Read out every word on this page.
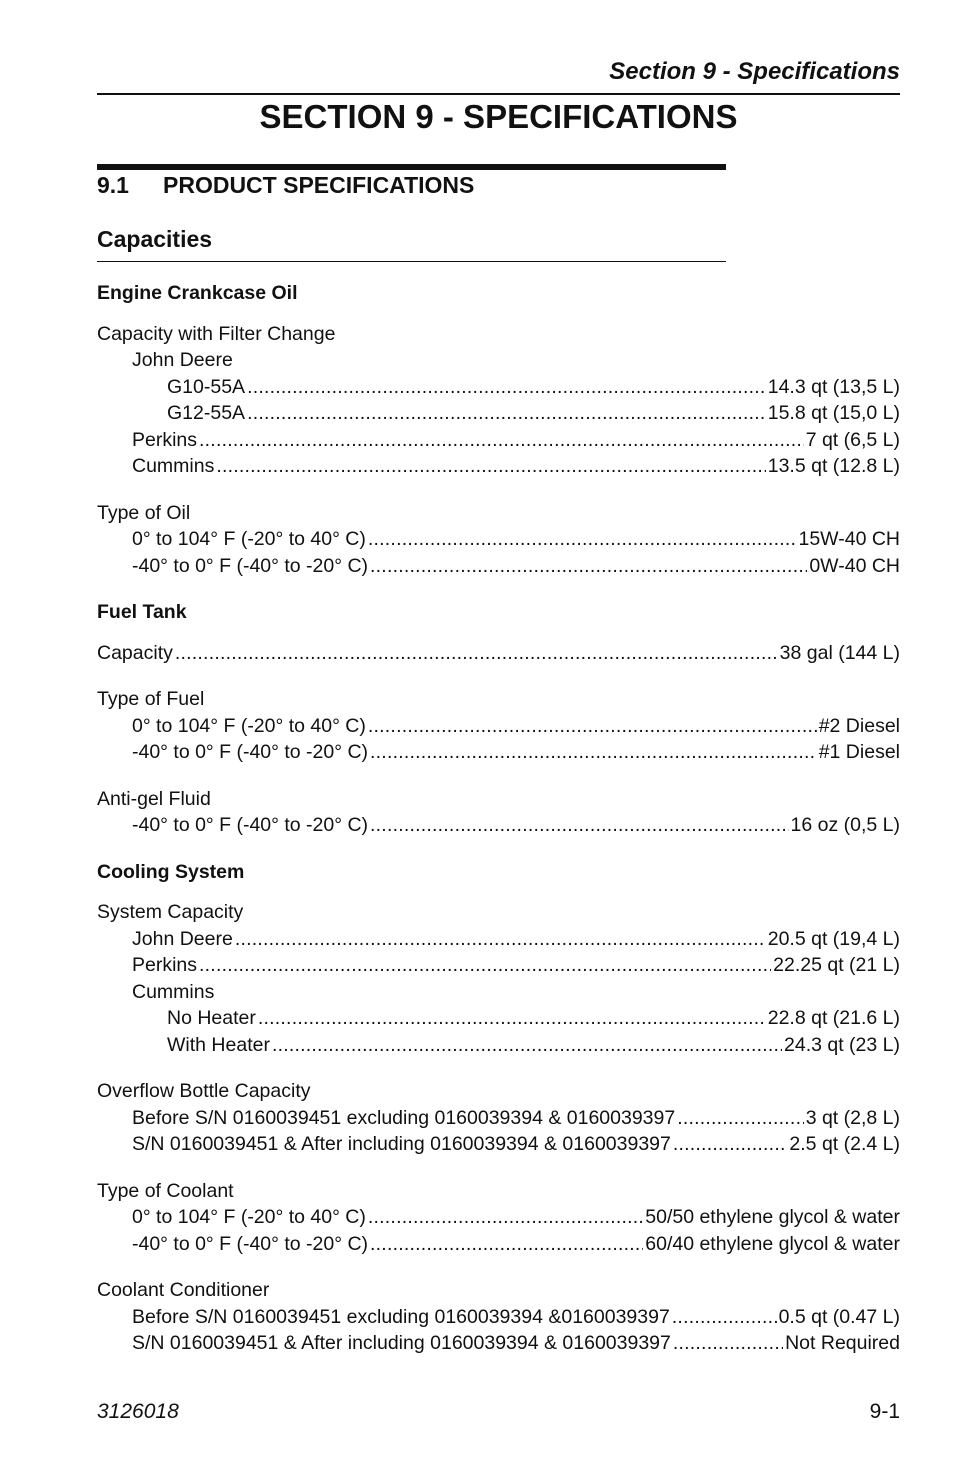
Section 9 - Specifications
SECTION 9 - SPECIFICATIONS
9.1 PRODUCT SPECIFICATIONS
Capacities
Engine Crankcase Oil
Capacity with Filter Change
John Deere
G10-55A . . .	14.3 qt (13,5 L)
G12-55A . . .	15.8 qt (15,0 L)
Perkins . . .	7 qt (6,5 L)
Cummins . . .	13.5 qt (12.8 L)
Type of Oil
0° to 104° F (-20° to 40° C) . . .	15W-40 CH
-40° to 0° F (-40° to -20° C) . . .	0W-40 CH
Fuel Tank
Capacity . . .	38 gal (144 L)
Type of Fuel
0° to 104° F (-20° to 40° C) . . .	#2 Diesel
-40° to 0° F (-40° to -20° C) . . .	#1 Diesel
Anti-gel Fluid
-40° to 0° F (-40° to -20° C) . . .	16 oz (0,5 L)
Cooling System
System Capacity
John Deere . . .	20.5 qt (19,4 L)
Perkins . . .	22.25 qt (21 L)
Cummins
No Heater . . .	22.8 qt (21.6 L)
With Heater . . .	24.3 qt (23 L)
Overflow Bottle Capacity
Before S/N 0160039451 excluding 0160039394 & 0160039397 . . .	3 qt (2,8 L)
S/N 0160039451 & After including 0160039394 & 0160039397 . . .	2.5 qt (2.4 L)
Type of Coolant
0° to 104° F (-20° to 40° C) . . .	50/50 ethylene glycol & water
-40° to 0° F (-40° to -20° C) . . .	60/40 ethylene glycol & water
Coolant Conditioner
Before S/N 0160039451 excluding 0160039394 &0160039397 . . .	0.5 qt (0.47 L)
S/N 0160039451 & After including 0160039394 & 0160039397 . . .	Not Required
3126018	9-1
